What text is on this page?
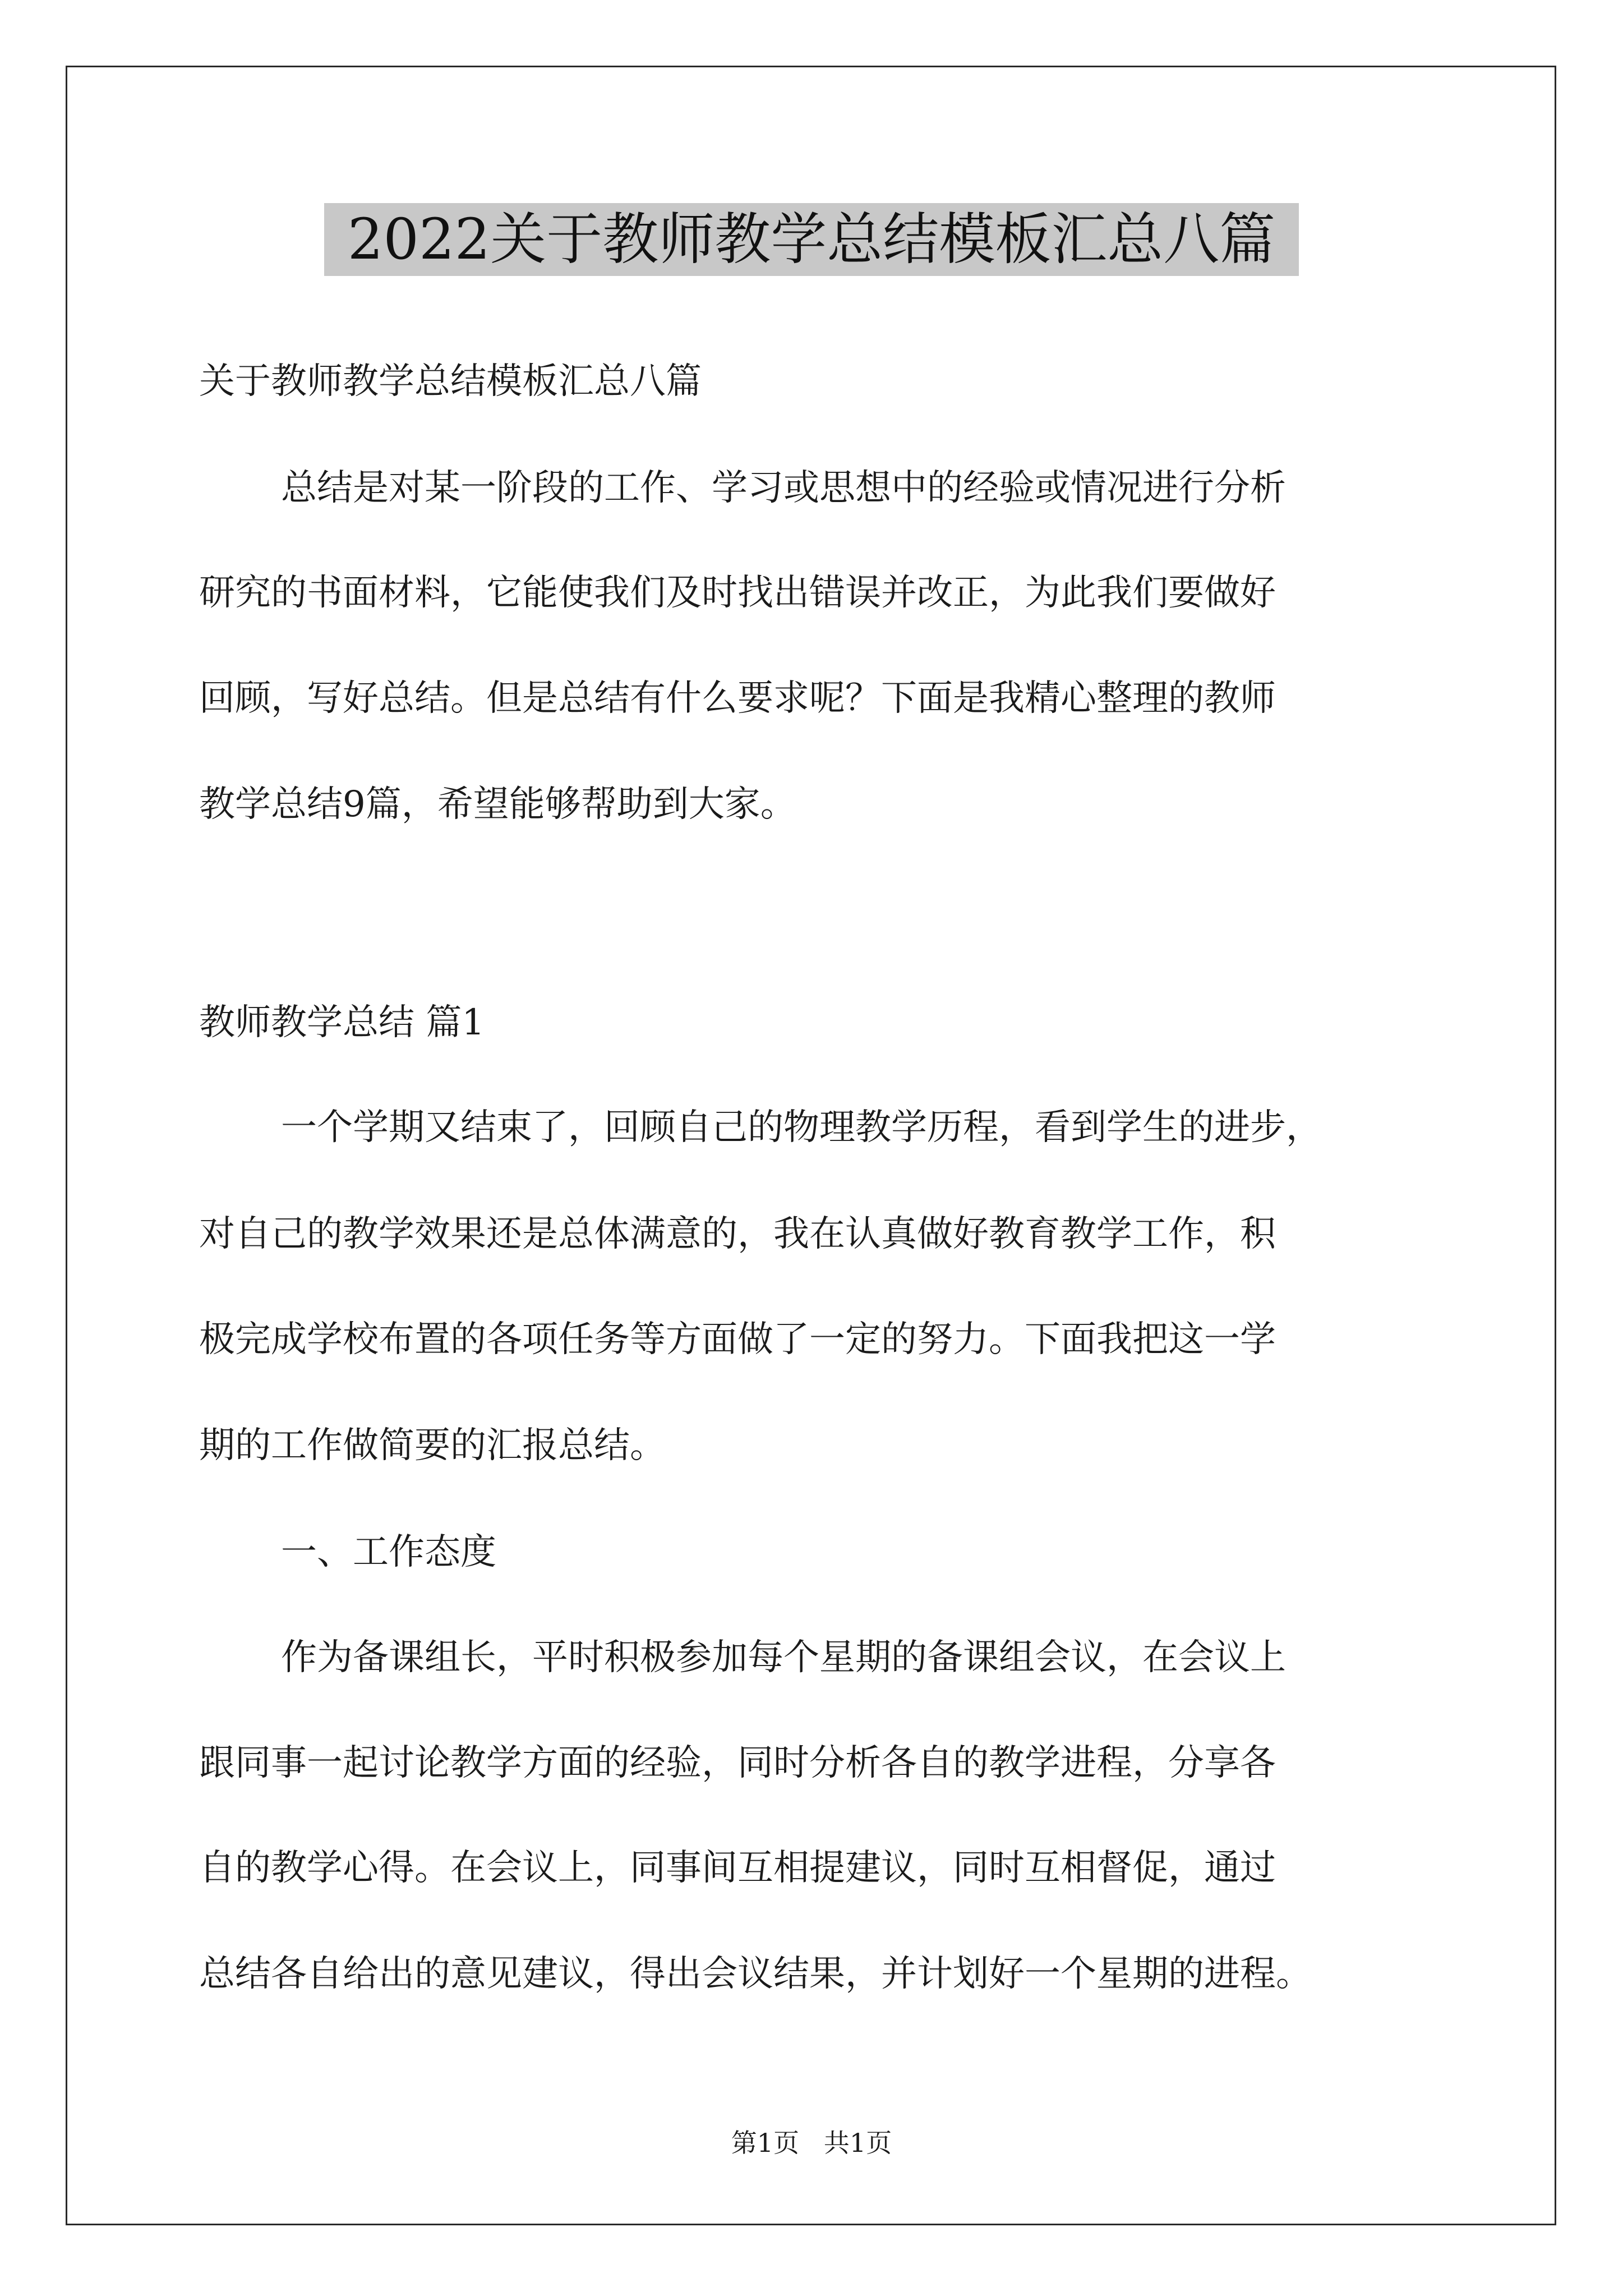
2022关于教师教学总结模板汇总八篇
关于教师教学总结模板汇总八篇
总结是对某一阶段的工作、学习或思想中的经验或情况进行分析
研究的书面材料，它能使我们及时找出错误并改正，为此我们要做好
回顾，写好总结。但是总结有什么要求呢？下面是我精心整理的教师
教学总结9篇，希望能够帮助到大家。
教师教学总结 篇1
一个学期又结束了，回顾自己的物理教学历程，看到学生的进步，
对自己的教学效果还是总体满意的，我在认真做好教育教学工作，积
极完成学校布置的各项任务等方面做了一定的努力。下面我把这一学
期的工作做简要的汇报总结。
一、工作态度
作为备课组长，平时积极参加每个星期的备课组会议，在会议上
跟同事一起讨论教学方面的经验，同时分析各自的教学进程，分享各
自的教学心得。在会议上，同事间互相提建议，同时互相督促，通过
总结各自给出的意见建议，得出会议结果，并计划好一个星期的进程。
第1页   共1页
